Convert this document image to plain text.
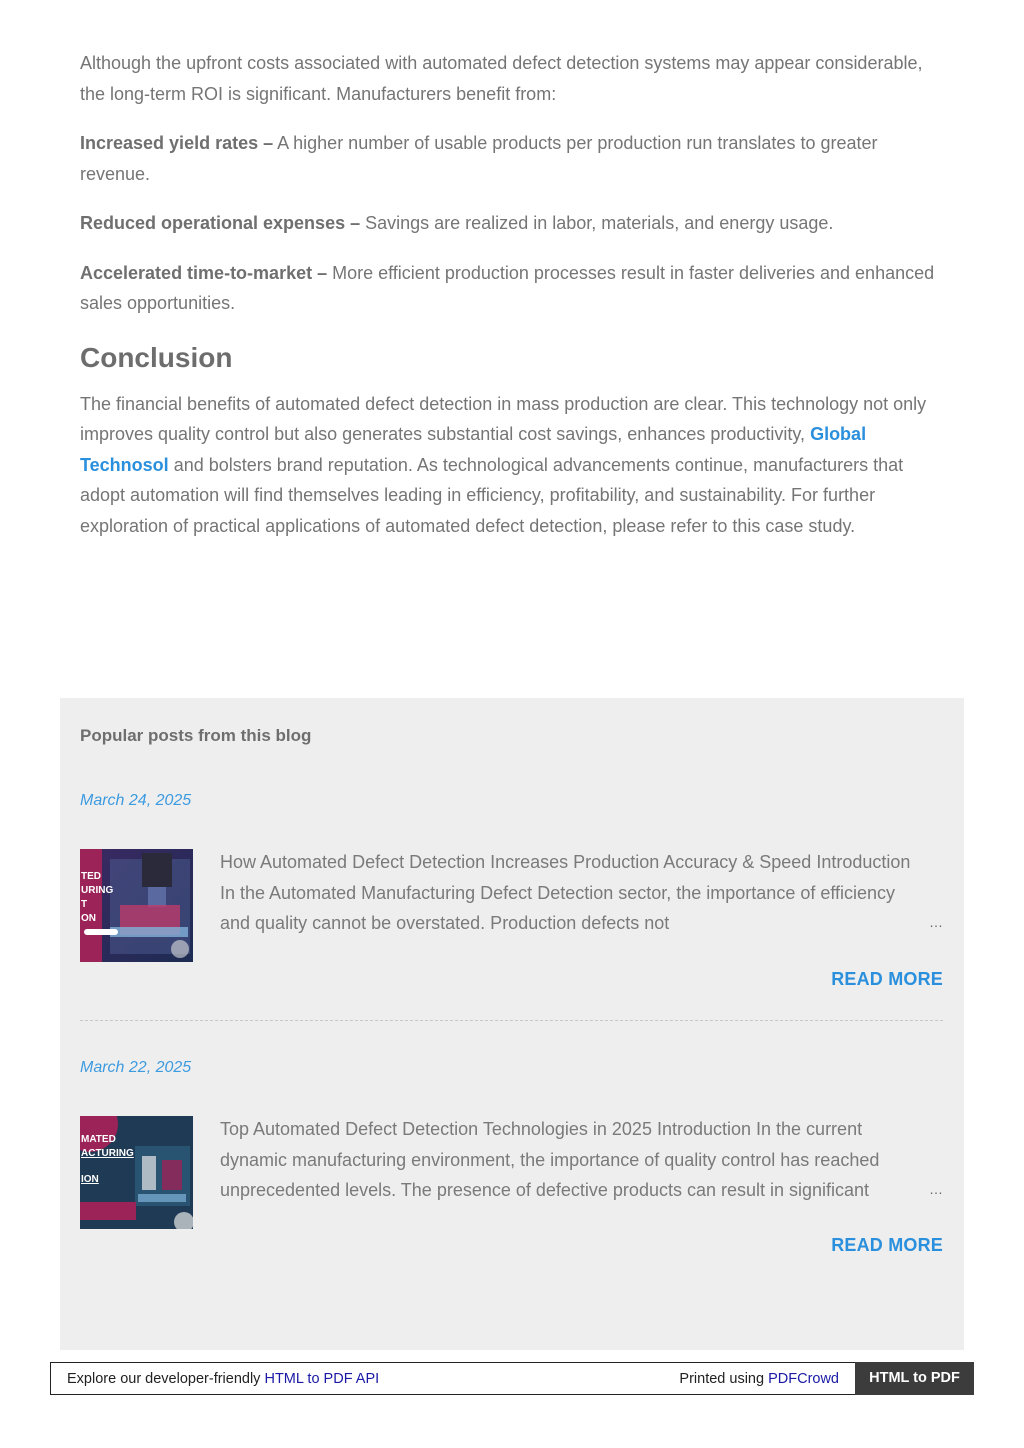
Although the upfront costs associated with automated defect detection systems may appear considerable, the long-term ROI is significant. Manufacturers benefit from:

Increased yield rates – A higher number of usable products per production run translates to greater revenue.

Reduced operational expenses – Savings are realized in labor, materials, and energy usage.

Accelerated time-to-market – More efficient production processes result in faster deliveries and enhanced sales opportunities.

Conclusion

The financial benefits of automated defect detection in mass production are clear. This technology not only improves quality control but also generates substantial cost savings, enhances productivity, Global Technosol and bolsters brand reputation. As technological advancements continue, manufacturers that adopt automation will find themselves leading in efficiency, profitability, and sustainability. For further exploration of practical applications of automated defect detection, please refer to this case study.

Popular posts from this blog
March 24, 2025
TED
URING
T
ON
How Automated Defect Detection Increases Production Accuracy & Speed Introduction In the Automated Manufacturing Defect Detection sector, the importance of efficiency and quality cannot be overstated. Production defects not	…
READ MORE
March 22, 2025
MATED
ACTURING
ION
Top Automated Defect Detection Technologies in 2025 Introduction In the current dynamic manufacturing environment, the importance of quality control has reached unprecedented levels. The presence of defective products can result in significant	…
READ MORE
Explore our developer-friendly HTML to PDF API	Printed using PDFCrowd	HTML to PDF
